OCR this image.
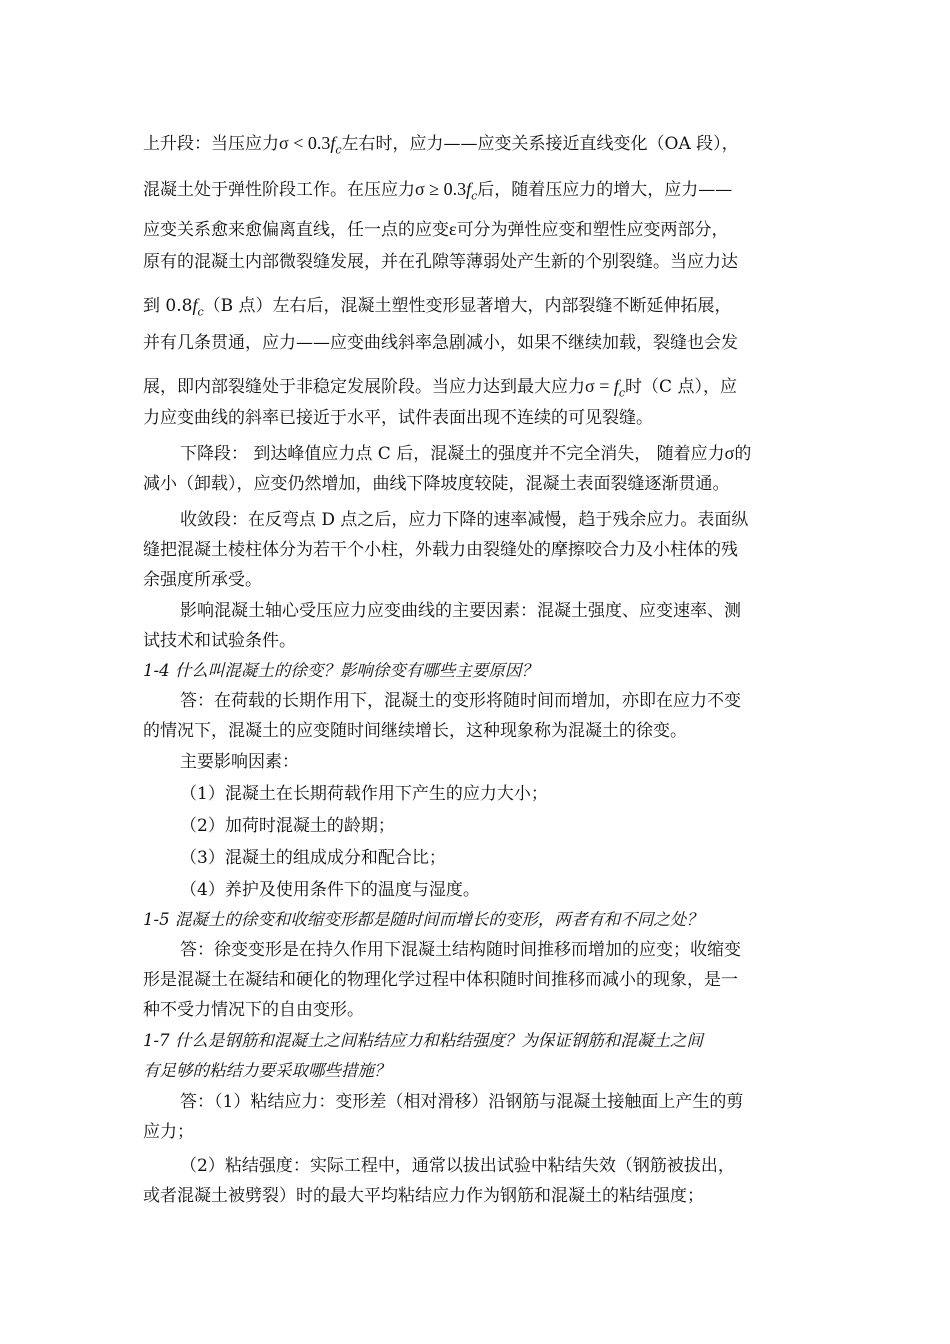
上升段：当压应力$\sigma < 0.3f_c$左右时，应力——应变关系接近直线变化（OA 段），
混凝土处于弹性阶段工作。在压应力$\sigma \ge 0.3f_c$后，随着压应力的增大，应力——
应变关系愈来愈偏离直线，任一点的应变ε可分为弹性应变和塑性应变两部分，
原有的混凝土内部微裂缝发展，并在孔隙等薄弱处产生新的个别裂缝。当应力达
到 $0.8f_c(B$ 点）左右后，混凝土塑性变形显著增大，内部裂缝不断延伸拓展，
并有几条贯通，应力——应变曲线斜率急剧减小，如果不继续加载，裂缝也会发
展，即内部裂缝处于非稳定发展阶段。当应力达到最大应力$\sigma = f_c$时（C 点），应
力应变曲线的斜率已接近于水平，试件表面出现不连续的可见裂缝。
下降段： 到达峰值应力点 C 后，混凝土的强度并不完全消失， 随着应力σ的
减小（卸载），应变仍然增加，曲线下降坡度较陡，混凝土表面裂缝逐渐贯通。
收敛段：在反弯点 D 点之后，应力下降的速率减慢，趋于残余应力。表面纵
缝把混凝土棱柱体分为若干个小柱，外载力由裂缝处的摩擦咬合力及小柱体的残
余强度所承受。
影响混凝土轴心受压应力应变曲线的主要因素：混凝土强度、应变速率、测
试技术和试验条件。
1-4 什么叫混凝土的徐变？影响徐变有哪些主要原因？
答：在荷载的长期作用下，混凝土的变形将随时间而增加，亦即在应力不变
的情况下，混凝土的应变随时间继续增长，这种现象称为混凝土的徐变。
主要影响因素：
（1）混凝土在长期荷载作用下产生的应力大小；
（2）加荷时混凝土的龄期；
（3）混凝土的组成成分和配合比；
（4）养护及使用条件下的温度与湿度。
1-5 混凝土的徐变和收缩变形都是随时间而增长的变形，两者有和不同之处？
答：徐变变形是在持久作用下混凝土结构随时间推移而增加的应变；收缩变
形是混凝土在凝结和硬化的物理化学过程中体积随时间推移而减小的现象，是一
种不受力情况下的自由变形。
1-7 什么是钢筋和混凝土之间粘结应力和粘结强度？为保证钢筋和混凝土之间
有足够的粘结力要采取哪些措施？
答：（1）粘结应力：变形差（相对滑移）沿钢筋与混凝土接触面上产生的剪
应力；
（2）粘结强度：实际工程中，通常以拔出试验中粘结失效（钢筋被拔出，
或者混凝土被劈裂）时的最大平均粘结应力作为钢筋和混凝土的粘结强度；
